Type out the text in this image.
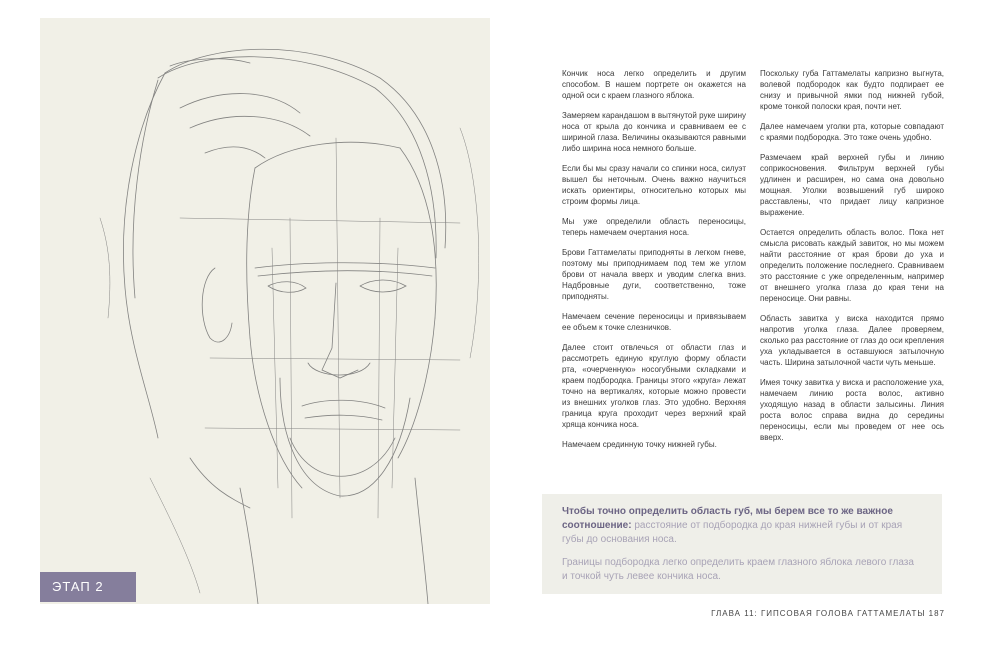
ЭТАП 2

Кончик носа легко определить и другим способом. В нашем портрете он окажется на одной оси с краем глазного яблока.

Замеряем карандашом в вытянутой руке ширину носа от крыла до кончика и сравниваем ее с шириной глаза. Величины оказываются равными либо ширина носа немного больше.

Если бы мы сразу начали со спинки носа, силуэт вышел бы неточным. Очень важно научиться искать ориентиры, относительно которых мы строим формы лица.

Мы уже определили область переносицы, теперь намечаем очертания носа.

Брови Гаттамелаты приподняты в легком гневе, поэтому мы приподнимаем под тем же углом брови от начала вверх и уводим слегка вниз. Надбровные дуги, соответственно, тоже приподняты.

Намечаем сечение переносицы и привязываем ее объем к точке слезничков.

Далее стоит отвлечься от области глаз и рассмотреть единую круглую форму области рта, «очерченную» носогубными складками и краем подбородка. Границы этого «круга» лежат точно на вертикалях, которые можно провести из внешних уголков глаз. Это удобно. Верхняя граница круга проходит через верхний край хряща кончика носа.

Намечаем срединную точку нижней губы.

Поскольку губа Гаттамелаты капризно выгнута, волевой подбородок как будто подпирает ее снизу и привычной ямки под нижней губой, кроме тонкой полоски края, почти нет.

Далее намечаем уголки рта, которые совпадают с краями подбородка. Это тоже очень удобно.

Размечаем край верхней губы и линию соприкосновения. Фильтрум верхней губы удлинен и расширен, но сама она довольно мощная. Уголки возвышений губ широко расставлены, что придает лицу капризное выражение.

Остается определить область волос. Пока нет смысла рисовать каждый завиток, но мы можем найти расстояние от края брови до уха и определить положение последнего. Сравниваем это расстояние с уже определенным, например от внешнего уголка глаза до края тени на переносице. Они равны.

Область завитка у виска находится прямо напротив уголка глаза. Далее проверяем, сколько раз расстояние от глаз до оси крепления уха укладывается в оставшуюся затылочную часть. Ширина затылочной части чуть меньше.

Имея точку завитка у виска и расположение уха, намечаем линию роста волос, активно уходящую назад в области залысины. Линия роста волос справа видна до середины переносицы, если мы проведем от нее ось вверх.

Чтобы точно определить область губ, мы берем все то же важное соотношение: расстояние от подбородка до края нижней губы и от края губы до основания носа.

Границы подбородка легко определить краем глазного яблока левого глаза и точкой чуть левее кончика носа.

ГЛАВА 11: ГИПСОВАЯ ГОЛОВА ГАТТАМЕЛАТЫ 187
